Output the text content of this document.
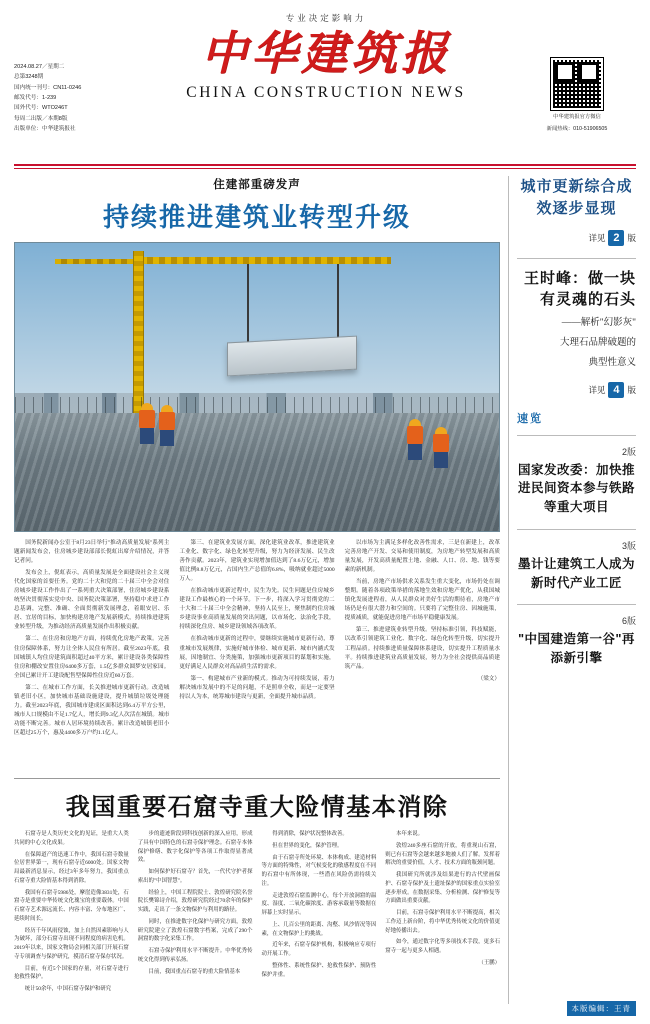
2024.08.27／星期二
总第3248期
国内统一刊号：CN11-0246
邮发代号：1-239
国外代号：WTO246T
每周二出版／本期8版
出版单位：中华建筑报社
专业决定影响力
中华建筑报
CHINA CONSTRUCTION NEWS
中华建筑报官方微信
新闻热线：010-51906505
住建部重磅发声
持续推进建筑业转型升级

国务院新闻办公室于8月23日举行"推动高质量发展"系列主题新闻发布会，住房城乡建设部部长倪虹出席介绍情况，并答记者问。

发布会上，倪虹表示，高质量发展是全面建设社会主义现代化国家的首要任务。党的二十大和党的二十届三中全会对住房城乡建设工作作出了一系列重大决策部署，住房城乡建设系统坚决贯彻落实党中央、国务院决策部署，坚持稳中求进工作总基调，完整、准确、全面贯彻新发展理念，着眼安居、乐居、宜居的目标，加快构建房地产发展新模式，持续推进建筑业转型升级，为推动经济高质量发展作出积极贡献。

第二、在住房和房地产方面，持续优化房地产政策。完善住房保障体系，努力让全体人民住有所居。截至2023年底，我国城镇人均住房建筑面积超过40平方米，累计建设各类保障性住房和棚改安置住房6400多万套，1.5亿多群众圆梦安居家园。全国已累计开工建设配售型保障性住房近60万套。

第二、在城市工作方面，长关推进城市更新行动。改造城镇老旧小区，加快城市基础设施建设，提升城镇垃圾处理能力。截至2023年底，我国城市建成区面积达到6.4万平方公里，城市人口规模由不足1.7亿人，增长到9.3亿人次活在城镇。城市功能不断完善。城市人居环境持续改善。累计改造城镇老旧小区超过25万个，惠及4400多万户约1.1亿人。

第三、在建筑业发展方面，深化建筑业改革，推进建筑业工业化、数字化、绿色化转型升级，努力为经济发展、民生改善作贡献。2023年，建筑业实现增加值达到了8.6万亿元，增加值比例8.8万亿元，占国内生产总值的6.8%，吸纳就业超过5000万人。

在推动城市更新过程中，民生为先。民生问题是住房城乡建设工作最核心的一个环节。下一步，将深入学习贯彻党的二十大和二十届三中全会精神，坚持人民至上，聚焦制约住房城乡建设事业高质量发展的突出问题，以市场化、法治化手段，持续深化住房、城乡建设领域各项改革。

在推动城市更新的过程中，要继续实施城市更新行动，尊重城市发展规律，实施好城市体检、城市更新、城市内涵式发展，因地制宜、分类施策，加强城市更新项目的谋划和实施，更好满足人民群众对高品质生活的需求。

第一、构建城市产业新的模式。推动为可持续发展，着力解决城市发展中的不足的问题，不是照单全收，而是一定要坚持以人为本，统筹城市建设与更新，全面提升城市品质。

以市场为主满足多样化改善性需求，三是在新建上，改革完善房地产开发、交易和使用制度，为房地产转型发展和高质量发展，开发高质量配置土地、金融、人口、房、地、钱等要素的新机制。

当前，房地产市场供求关系发生重大变化，市场仍处在调整期。随着各项政策举措的落地生效和房地产优化，从我国城镇化发展进程看，从人民群众对美好生活的期待看，房地产市场仍是有很大潜力和空间的。只要将了完整住房、因城施策，提质减质，就能促进房地产市场平稳健康发展。

第三、推进建筑业转型升级。坚持标准引领，科技赋能，以改革引领建筑工业化、数字化、绿色化转型升级，切实提升工程品质。持续推进质量保障体系建设，切实提升工程质量水平。持续推进建筑业高质量发展，努力为全社会提供高品质建筑产品。

（梁文）

我国重要石窟寺重大险情基本消除

石窟寺是人类历史文化的见证，是重大人类共同的中心文化成果。

在保障道产的迅速工作中，我国石窟寺数量位居世界第一，现有石窟寺近6000处。国家文物局最新消息显示，经过3年多年努力，我国重点石窟寺重大险情基本得到消除。

我国有石窟寺5986处，摩崖造像3831处，石窟寺是重要中华传统文化瑰宝的重要载体。中国石窟寺艺术源远流长、内容丰富、分布地区广、延续时间长。

经历千年风雨侵蚀，加上自然因素影响与人为破坏，部分石窟寺出现不同程度的病害危机。2019年以来，国家文物局会同相关部门开展石窟寺专项调查与保护研究，摸清石窟寺保存状况。

目前，有近5个国家的存量，对石窟寺进行抢救性保护。

统计50余年，中国石窟寺保护和研究

步的遗迹阶段到科技创新的深入应用，形成了具有中国特色的石窟寺保护理念。石窟寺本体保护修缮、数字化保护等各项工作取得显著成效。

如何保护好石窟寺？首先，一代代守护者探索出的"中国智慧"。

经验上，中国工程院院士、敦煌研究院名誉院长樊锦诗介绍，敦煌研究院经过70余年的保护实践，走出了一条文物保护与利用的路径。

同时，在推进数字化保护与研究方面，敦煌研究院建立了敦煌石窟数字档案，完成了290个洞窟的数字化采集工作。

石窟寺保护利用水平不断提升。中华优秀传统文化得到传承弘扬。

目前，我国重点石窟寺的重大险情基本

得到消除，保护状况整体改善。

但在世界的变化，保护管理。

由于石窟寺所处环境、本体构成、建造材料等方面的特殊性，对气候变化的敏感程度在不同的石窟中有所体现，一些潜在风险仍需持续关注。

走进敦煌石窟监测中心，每个开放洞窟的温度、湿度、二氧化碳浓度、游客承载量等数据在屏幕上实时显示。

上、几百公里的距离、沟壑、风沙情况等因素，在文物保护上的挑战。

近年来，石窟寺保护机构，积极响应专项行动开展工作。

整体性、系统性保护、抢救性保护、预防性保护并重。

本年来说。

敦煌240多座石窟的开放，将重现山石窟，则已有石窟等会越来越多地被人们了解。发挥着解决的重要价值，人才、技术方面的瓶颈问题。

我国研究所就涉及结果进行的古代壁画保护、石窟寺保护及土遗址保护的国家重点实验室逐步形成。在数据采集、分析检测、保护修复等方面做出重要贡献。

目前，石窟寺保护利用水平不断提高，相关工作迈上新台阶，将中华优秀传统文化的价值更好地传播出去。

如今，通过数字化等多项技术手段，更多石窟寺一起与更多人相遇。

（王鹏）

城市更新综合成效逐步显现
详见 2 版
王时峰：做一块有灵魂的石头
——解析"幻影灰"
大理石品牌破题的
典型性意义
详见 4 版
速览
2版
国家发改委：加快推进民间资本参与铁路等重大项目
3版
墨计让建筑工人成为新时代产业工匠
6版
"中国建造第一谷"再添新引擎
本版编辑：王青
